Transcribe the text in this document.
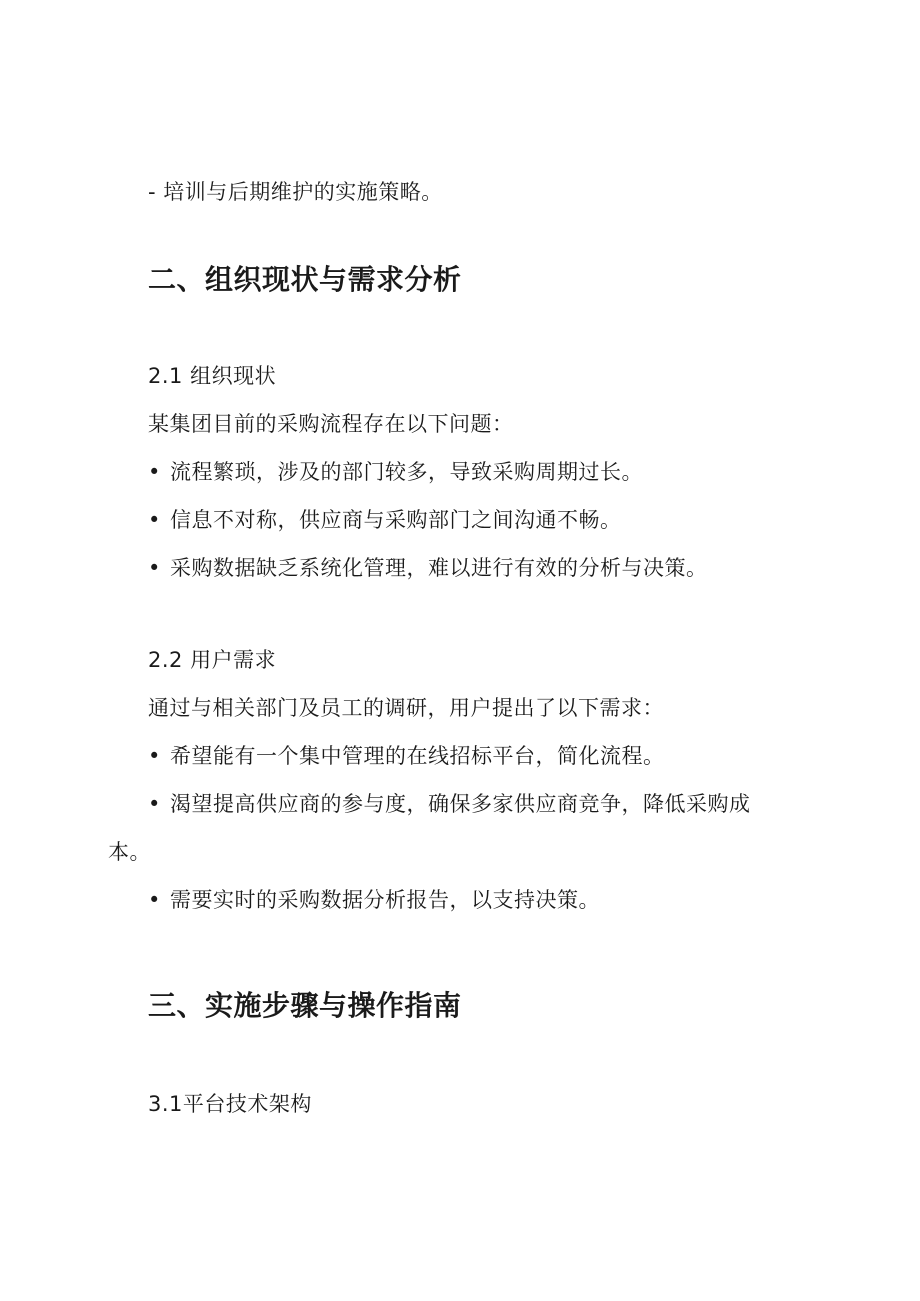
- 培训与后期维护的实施策略。
二、组织现状与需求分析
2.1 组织现状
某集团目前的采购流程存在以下问题：
• 流程繁琐，涉及的部门较多，导致采购周期过长。
• 信息不对称，供应商与采购部门之间沟通不畅。
• 采购数据缺乏系统化管理，难以进行有效的分析与决策。
2.2 用户需求
通过与相关部门及员工的调研，用户提出了以下需求：
• 希望能有一个集中管理的在线招标平台，简化流程。
• 渴望提高供应商的参与度，确保多家供应商竞争，降低采购成
本。
• 需要实时的采购数据分析报告，以支持决策。
三、实施步骤与操作指南
3.1平台技术架构
